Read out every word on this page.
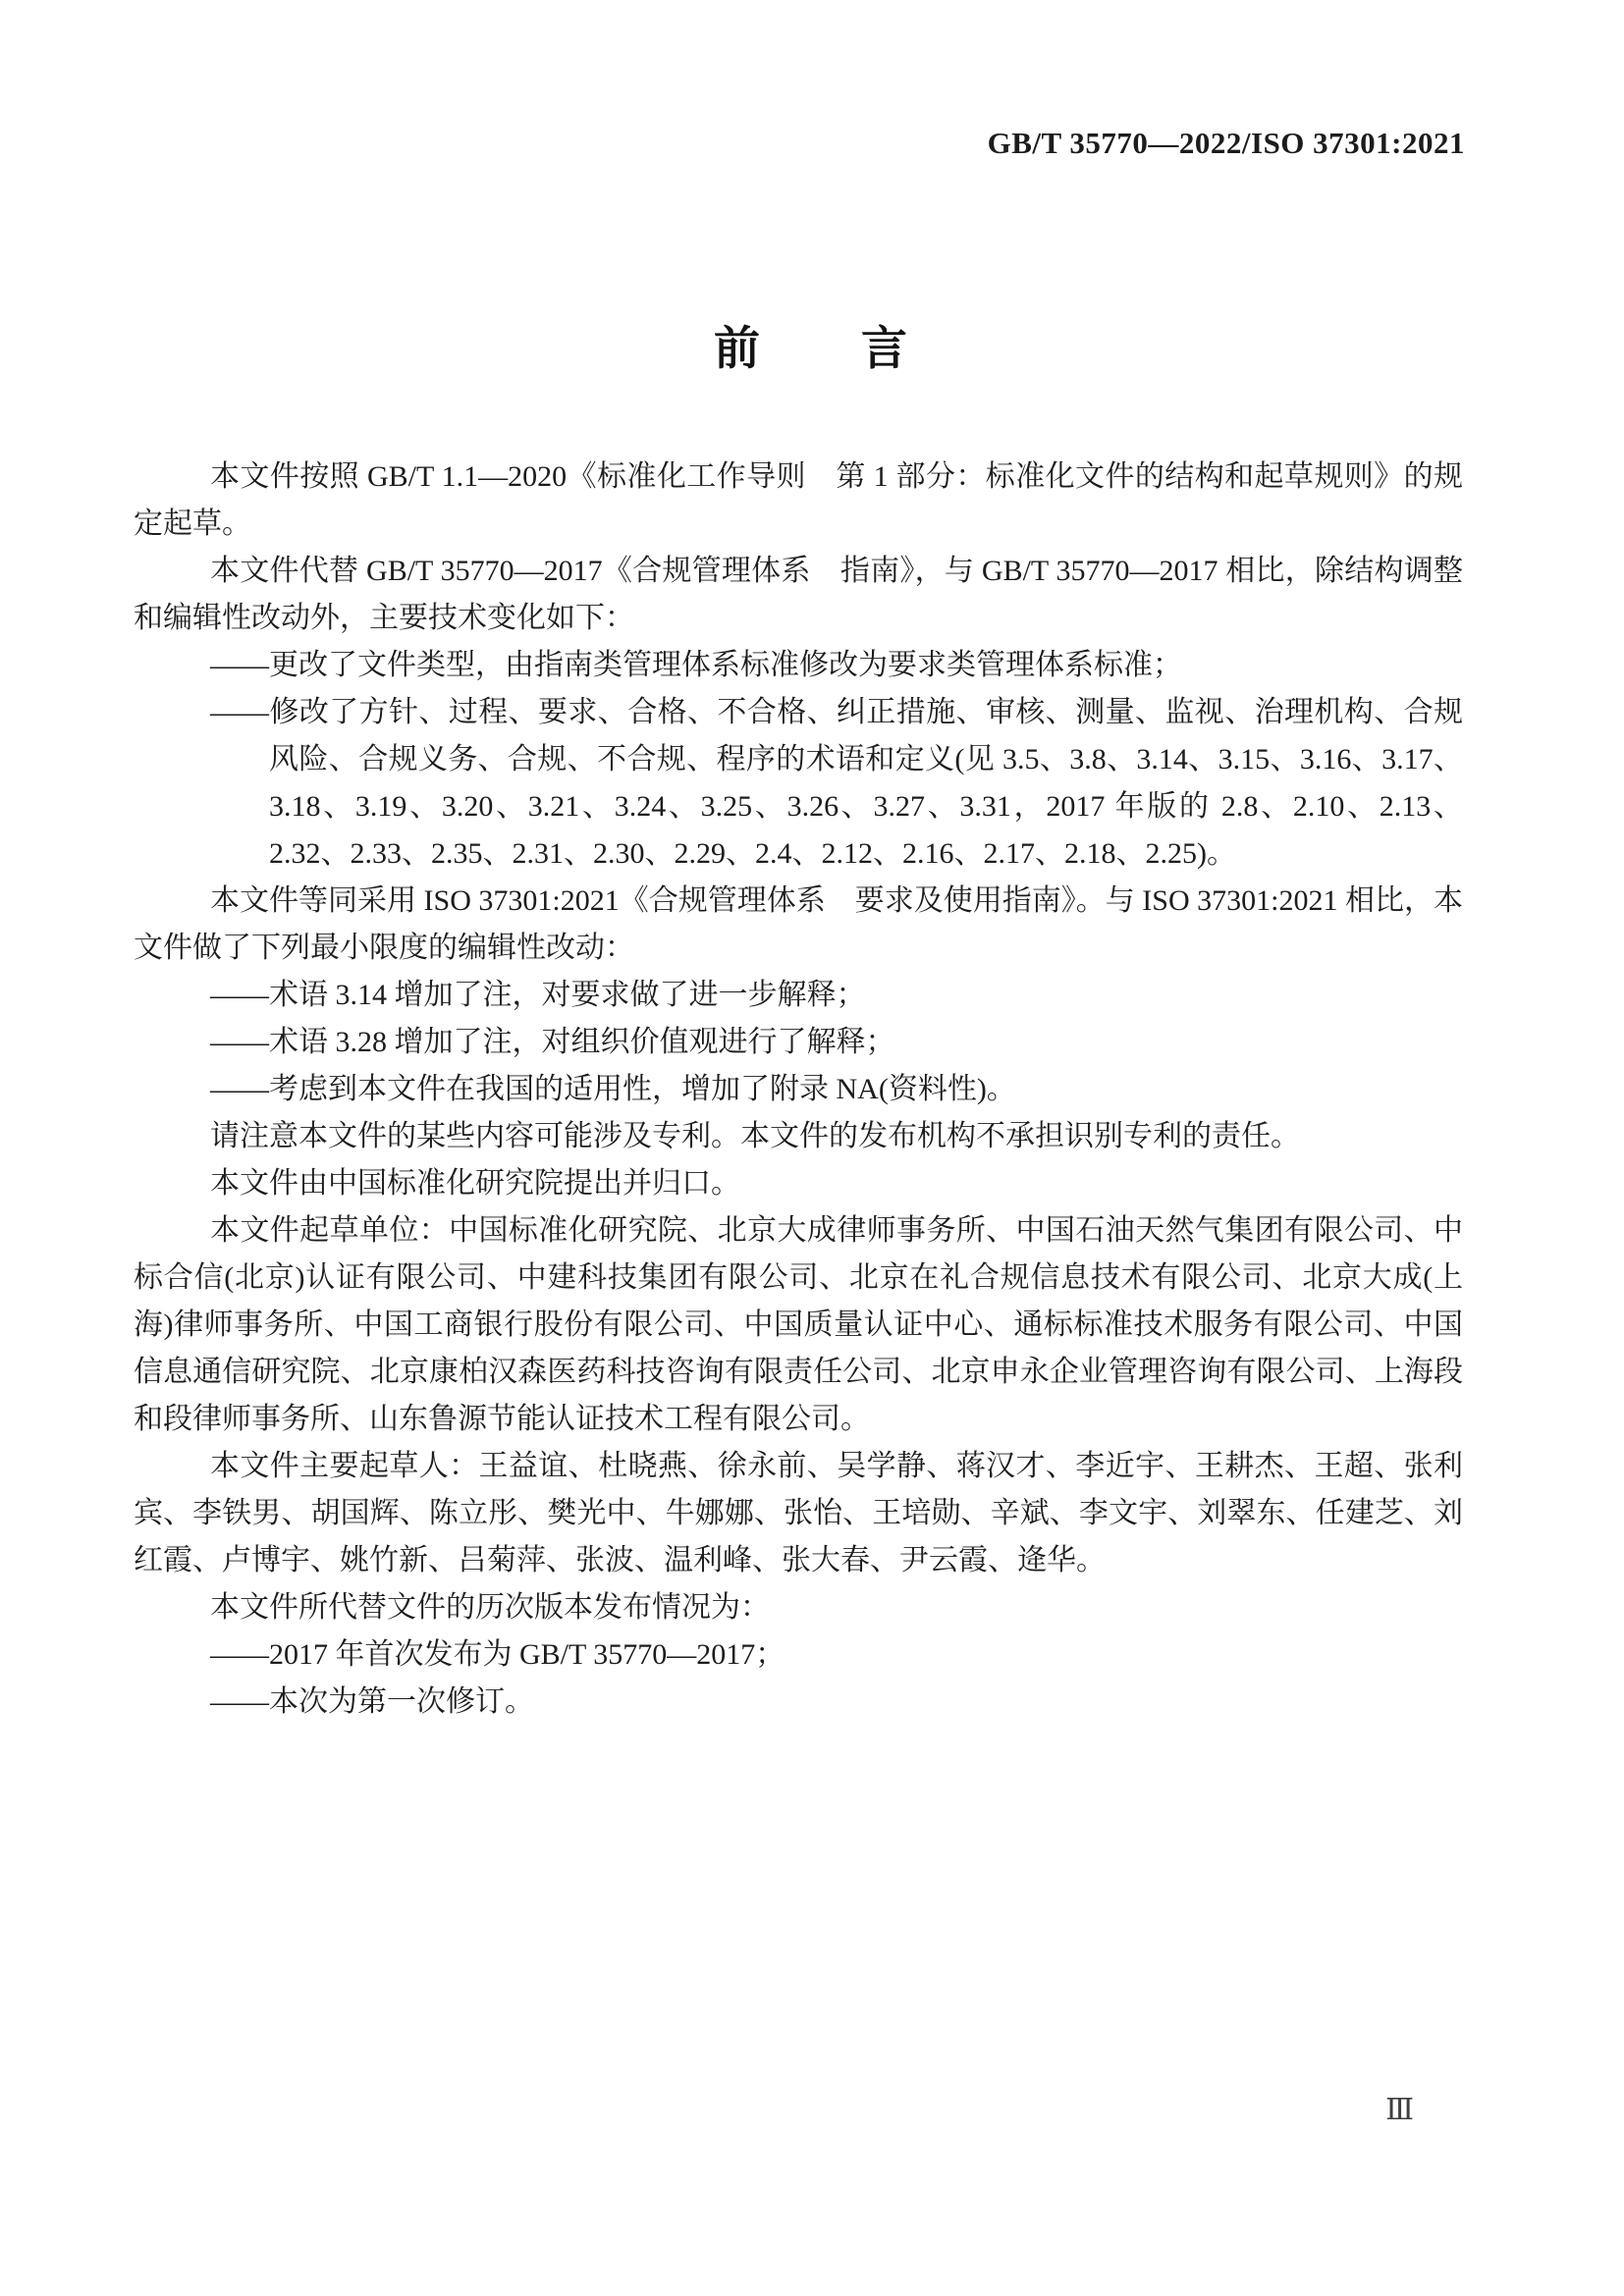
GB/T 35770—2022/ISO 37301:2021
前　　言

本文件按照 GB/T 1.1—2020《标准化工作导则　第 1 部分：标准化文件的结构和起草规则》的规定起草。

本文件代替 GB/T 35770—2017《合规管理体系　指南》，与 GB/T 35770—2017 相比，除结构调整和编辑性改动外，主要技术变化如下：

——更改了文件类型，由指南类管理体系标准修改为要求类管理体系标准；

——修改了方针、过程、要求、合格、不合格、纠正措施、审核、测量、监视、治理机构、合规风险、合规义务、合规、不合规、程序的术语和定义(见 3.5、3.8、3.14、3.15、3.16、3.17、3.18、3.19、3.20、3.21、3.24、3.25、3.26、3.27、3.31，2017 年版的 2.8、2.10、2.13、2.32、2.33、2.35、2.31、2.30、2.29、2.4、2.12、2.16、2.17、2.18、2.25)。

本文件等同采用 ISO 37301:2021《合规管理体系　要求及使用指南》。与 ISO 37301:2021 相比，本文件做了下列最小限度的编辑性改动：

——术语 3.14 增加了注，对要求做了进一步解释；

——术语 3.28 增加了注，对组织价值观进行了解释；

——考虑到本文件在我国的适用性，增加了附录 NA(资料性)。

请注意本文件的某些内容可能涉及专利。本文件的发布机构不承担识别专利的责任。

本文件由中国标准化研究院提出并归口。

本文件起草单位：中国标准化研究院、北京大成律师事务所、中国石油天然气集团有限公司、中标合信(北京)认证有限公司、中建科技集团有限公司、北京在礼合规信息技术有限公司、北京大成(上海)律师事务所、中国工商银行股份有限公司、中国质量认证中心、通标标准技术服务有限公司、中国信息通信研究院、北京康柏汉森医药科技咨询有限责任公司、北京申永企业管理咨询有限公司、上海段和段律师事务所、山东鲁源节能认证技术工程有限公司。

本文件主要起草人：王益谊、杜晓燕、徐永前、吴学静、蒋汉才、李近宇、王耕杰、王超、张利宾、李铁男、胡国辉、陈立彤、樊光中、牛娜娜、张怡、王培勋、辛斌、李文宇、刘翠东、任建芝、刘红霞、卢博宇、姚竹新、吕菊萍、张波、温利峰、张大春、尹云霞、逄华。

本文件所代替文件的历次版本发布情况为：

——2017 年首次发布为 GB/T 35770—2017；

——本次为第一次修订。

Ⅲ
